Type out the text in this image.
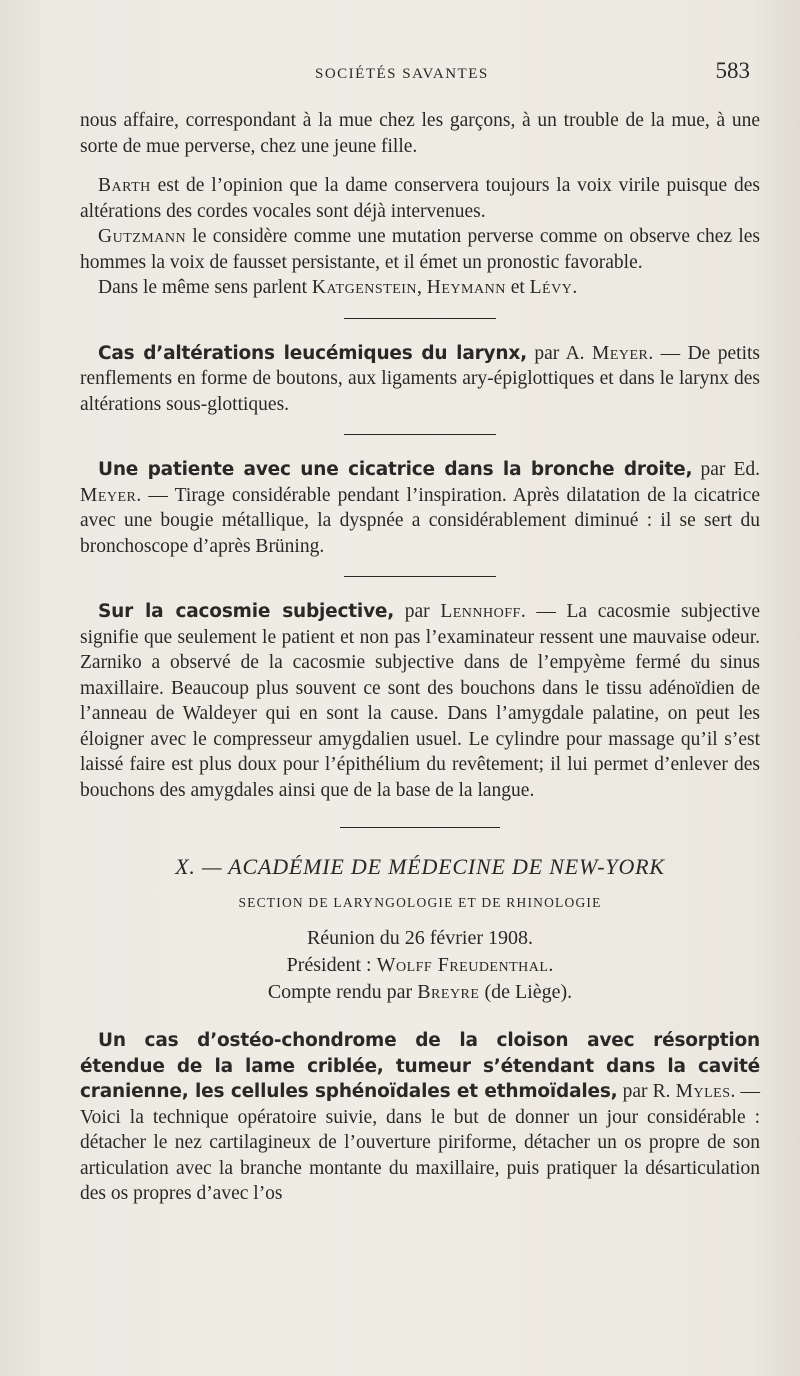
SOCIÉTÉS SAVANTES	583

nous affaire, correspondant à la mue chez les garçons, à un trouble de la mue, à une sorte de mue perverse, chez une jeune fille.

Barth est de l’opinion que la dame conservera toujours la voix virile puisque des altérations des cordes vocales sont déjà intervenues.

Gutzmann le considère comme une mutation perverse comme on observe chez les hommes la voix de fausset persistante, et il émet un pronostic favorable.

Dans le même sens parlent Katgenstein, Heymann et Lévy.

Cas d’altérations leucémiques du larynx, par A. Meyer. — De petits renflements en forme de boutons, aux ligaments ary-épiglottiques et dans le larynx des altérations sous-glottiques.

Une patiente avec une cicatrice dans la bronche droite, par Ed. Meyer. — Tirage considérable pendant l’inspiration. Après dilatation de la cicatrice avec une bougie métallique, la dyspnée a considérablement diminué : il se sert du bronchoscope d’après Brüning.

Sur la cacosmie subjective, par Lennhoff. — La cacosmie subjective signifie que seulement le patient et non pas l’examinateur ressent une mauvaise odeur. Zarniko a observé de la cacosmie subjective dans de l’empyème fermé du sinus maxillaire. Beaucoup plus souvent ce sont des bouchons dans le tissu adénoïdien de l’anneau de Waldeyer qui en sont la cause. Dans l’amygdale palatine, on peut les éloigner avec le compresseur amygdalien usuel. Le cylindre pour massage qu’il s’est laissé faire est plus doux pour l’épithélium du revêtement; il lui permet d’enlever des bouchons des amygdales ainsi que de la base de la langue.

X. — ACADÉMIE DE MÉDECINE DE NEW-YORK
SECTION DE LARYNGOLOGIE ET DE RHINOLOGIE
Réunion du 26 février 1908.
Président : Wolff Freudenthal.
Compte rendu par Breyre (de Liège).

Un cas d’ostéo-chondrome de la cloison avec résorption étendue de la lame criblée, tumeur s’étendant dans la cavité cranienne, les cellules sphénoïdales et ethmoïdales, par R. Myles. — Voici la technique opératoire suivie, dans le but de donner un jour considérable : détacher le nez cartilagineux de l’ouverture piriforme, détacher un os propre de son articulation avec la branche montante du maxillaire, puis pratiquer la désarticulation des os propres d’avec l’os
